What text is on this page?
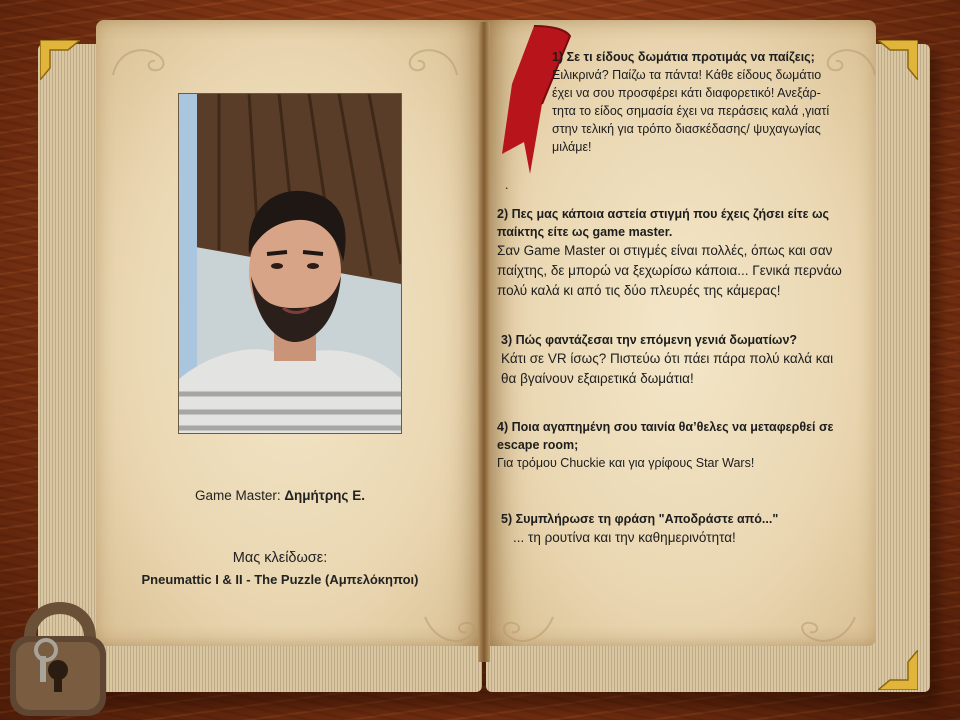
Game Master: Δημήτρης Ε.
Μας κλείδωσε:
Pneumattic I & II - The Puzzle (Αμπελόκηποι)
1) Σε τι είδους δωμάτια προτιμάς να παίζεις;
Ειλικρινά? Παίζω τα πάντα! Κάθε είδους δωμάτιο
έχει να σου προσφέρει κάτι διαφορετικό! Ανεξάρ-
τητα το είδος σημασία έχει να περάσεις καλά ,γιατί
στην τελική για τρόπο διασκέδασης/ ψυχαγωγίας
μιλάμε!
.
2) Πες μας κάποια αστεία στιγμή που έχεις ζήσει είτε ως
παίκτης είτε ως game master.
Σαν Game Master οι στιγμές είναι πολλές, όπως και σαν
παίχτης, δε μπορώ να ξεχωρίσω κάποια... Γενικά περνάω
πολύ καλά κι από τις δύο πλευρές της κάμερας!
3) Πώς φαντάζεσαι την επόμενη γενιά δωματίων?
Κάτι σε VR ίσως? Πιστεύω ότι πάει πάρα πολύ καλά και
θα βγαίνουν εξαιρετικά δωμάτια!
4) Ποια αγαπημένη σου ταινία θα’θελες να μεταφερθεί σε
escape room;
Για τρόμου Chuckie και για γρίφους Star Wars!
5) Συμπλήρωσε τη φράση "Αποδράστε από..."
... τη ρουτίνα και την καθημερινότητα!
